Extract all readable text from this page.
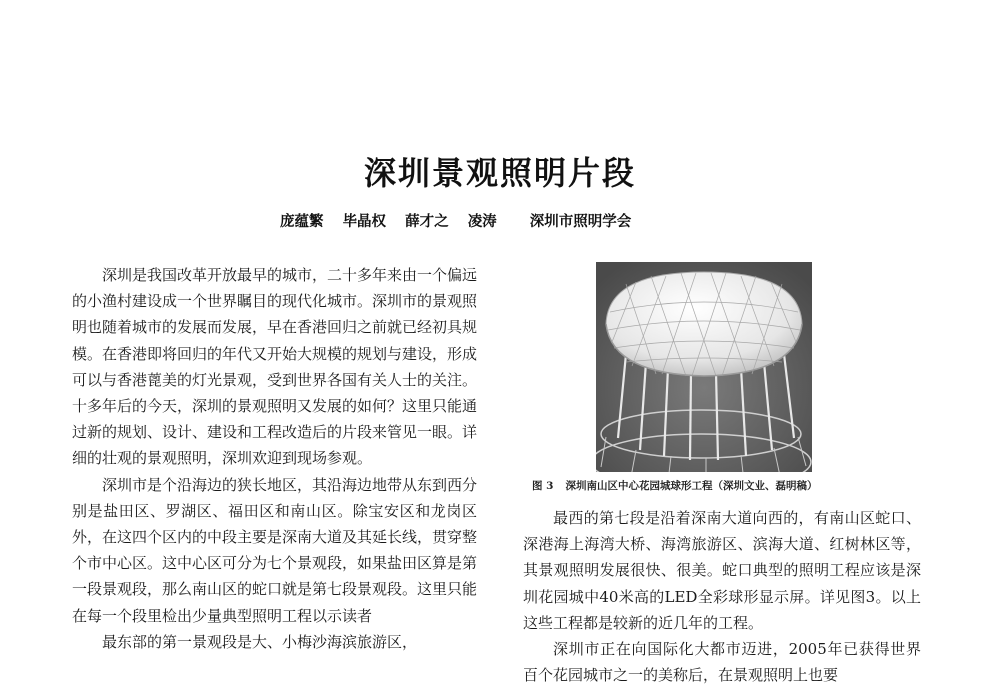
深圳景观照明片段
庞蕴繁 毕晶权 薛才之 凌涛 深圳市照明学会

深圳是我国改革开放最早的城市，二十多年来由一个偏远的小渔村建设成一个世界瞩目的现代化城市。深圳市的景观照明也随着城市的发展而发展，早在香港回归之前就已经初具规模。在香港即将回归的年代又开始大规模的规划与建设，形成可以与香港蓖美的灯光景观，受到世界各国有关人士的关注。十多年后的今天，深圳的景观照明又发展的如何？这里只能通过新的规划、设计、建设和工程改造后的片段来管见一眼。详细的壮观的景观照明，深圳欢迎到现场参观。

深圳市是个沿海边的狭长地区，其沿海边地带从东到西分别是盐田区、罗湖区、福田区和南山区。除宝安区和龙岗区外，在这四个区内的中段主要是深南大道及其延长线，贯穿整个市中心区。这中心区可分为七个景观段，如果盐田区算是第一段景观段，那么南山区的蛇口就是第七段景观段。这里只能在每一个段里检出少量典型照明工程以示读者

最东部的第一景观段是大、小梅沙海滨旅游区，

图 3 深圳南山区中心花园城球形工程（深圳文业、磊明稿）

最西的第七段是沿着深南大道向西的，有南山区蛇口、深港海上海湾大桥、海湾旅游区、滨海大道、红树林区等，其景观照明发展很快、很美。蛇口典型的照明工程应该是深圳花园城中40米高的LED全彩球形显示屏。详见图3。以上这些工程都是较新的近几年的工程。

深圳市正在向国际化大都市迈进，2005年已获得世界百个花园城市之一的美称后，在景观照明上也要
